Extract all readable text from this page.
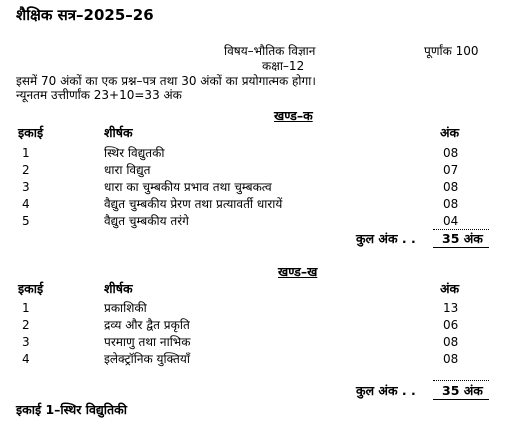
शैक्षिक सत्र–2025–26
विषय–भौतिक विज्ञान	पूर्णांक 100
कक्षा–12
इसमें 70 अंकों का एक प्रश्न–पत्र तथा 30 अंकों का प्रयोगात्मक होगा।
न्यूनतम उत्तीर्णांक 23+10=33 अंक
खण्ड–क
इकाई	शीर्षक	अंक
1	स्थिर विद्युतकी	08
2	धारा विद्युत	07
3	धारा का चुम्बकीय प्रभाव तथा चुम्बकत्व	08
4	वैद्युत चुम्बकीय प्रेरण तथा प्रत्यावर्ती धारायें	08
5	वैद्युत चुम्बकीय तरंगे	04
कुल अंक . . 35 अंक
खण्ड–ख
इकाई	शीर्षक	अंक
1	प्रकाशिकी	13
2	द्रव्य और द्वैत प्रकृति	06
3	परमाणु तथा नाभिक	08
4	इलेक्ट्रॉनिक युक्तियाँ	08
कुल अंक . . 35 अंक
इकाई 1–स्थिर विद्युतिकी
